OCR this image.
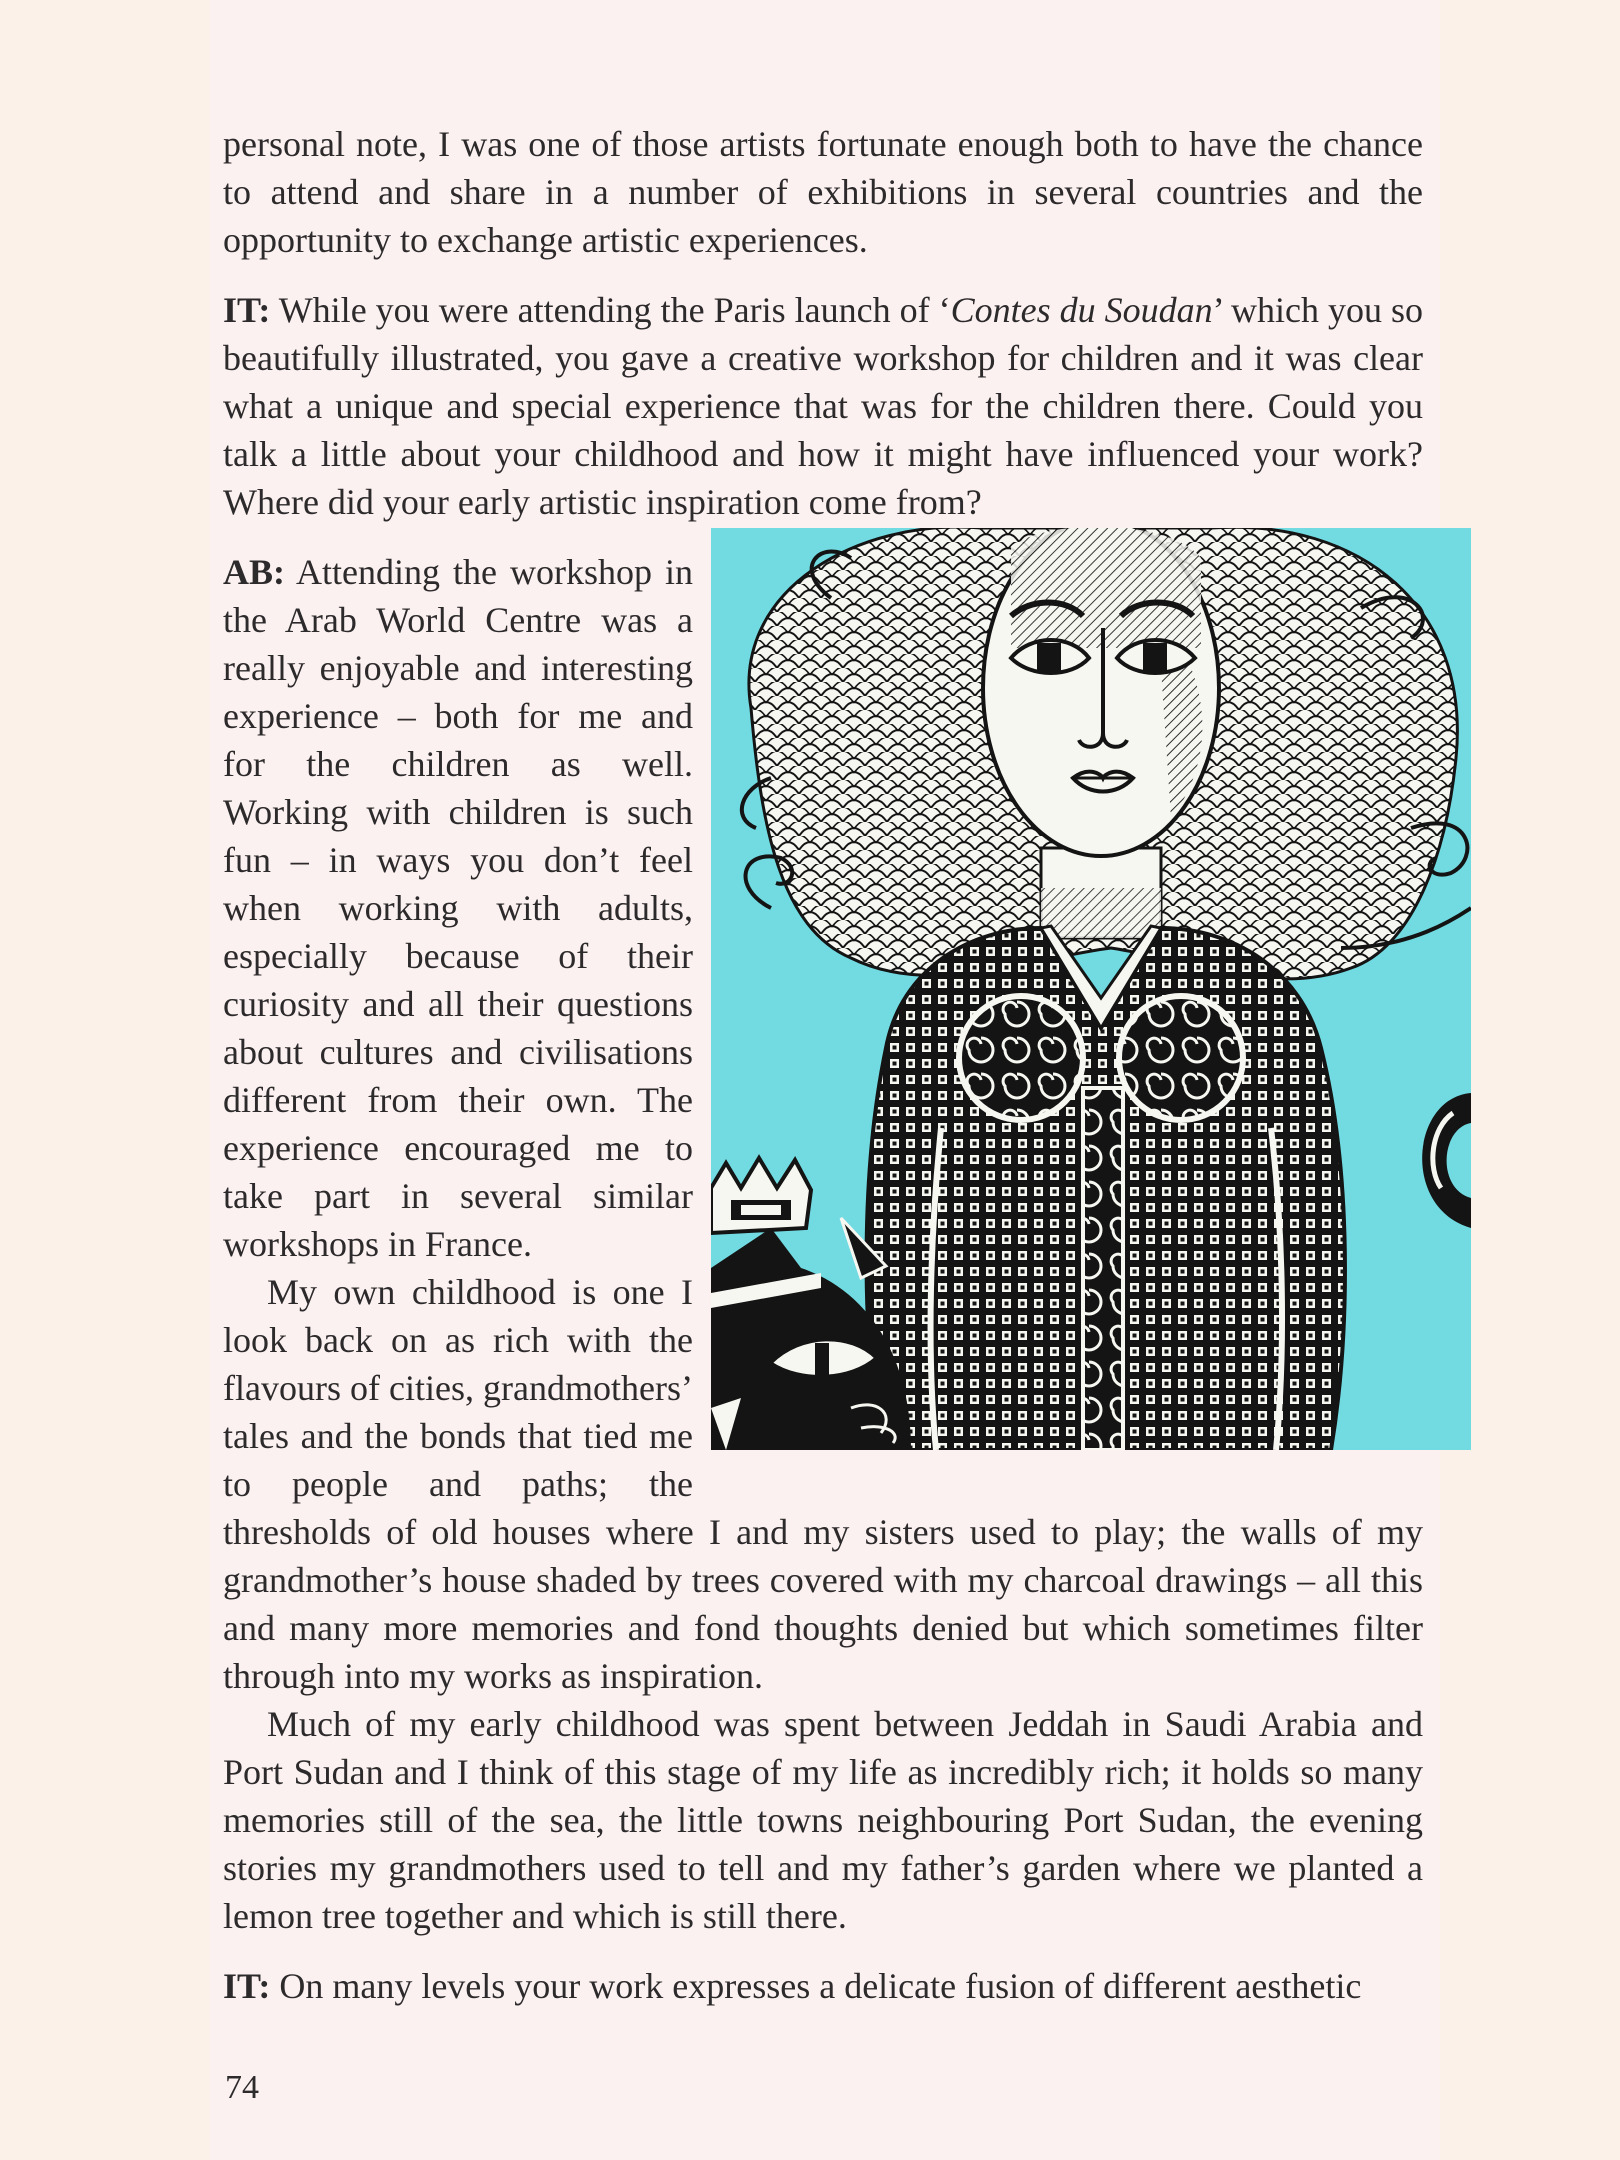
personal note, I was one of those artists fortunate enough both to have the chance to attend and share in a number of exhibitions in several countries and the opportunity to exchange artistic experiences.

IT: While you were attending the Paris launch of ‘Contes du Soudan’ which you so beautifully illustrated, you gave a creative workshop for children and it was clear what a unique and special experience that was for the children there. Could you talk a little about your childhood and how it might have influenced your work? Where did your early artistic inspiration come from?

AB: Attending the workshop in the Arab World Centre was a really enjoyable and interesting experience – both for me and for the children as well. Working with children is such fun – in ways you don’t feel when working with adults, especially because of their curiosity and all their questions about cultures and civilisations different from their own. The experience encouraged me to take part in several similar workshops in France.

My own childhood is one I look back on as rich with the flavours of cities, grandmothers’ tales and the bonds that tied me to people and paths; the thresholds of old houses where I and my sisters used to play; the walls of my grandmother’s house shaded by trees covered with my charcoal drawings – all this and many more memories and fond thoughts denied but which sometimes filter through into my works as inspiration.

Much of my early childhood was spent between Jeddah in Saudi Arabia and Port Sudan and I think of this stage of my life as incredibly rich; it holds so many memories still of the sea, the little towns neighbouring Port Sudan, the evening stories my grandmothers used to tell and my father’s garden where we planted a lemon tree together and which is still there.

IT: On many levels your work expresses a delicate fusion of different aesthetic

74
